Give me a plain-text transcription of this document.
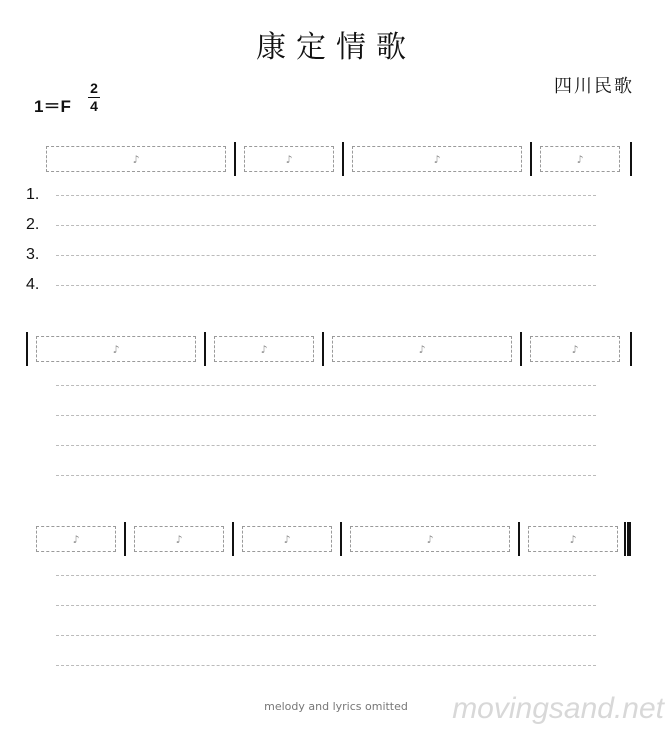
康定情歌
四川民歌
1＝F
2
4
♪	♪	♪	♪
1.
2.
3.
4.
♪	♪	♪	♪
♪	♪	♪	♪	♪
melody and lyrics omitted	movingsand.net
